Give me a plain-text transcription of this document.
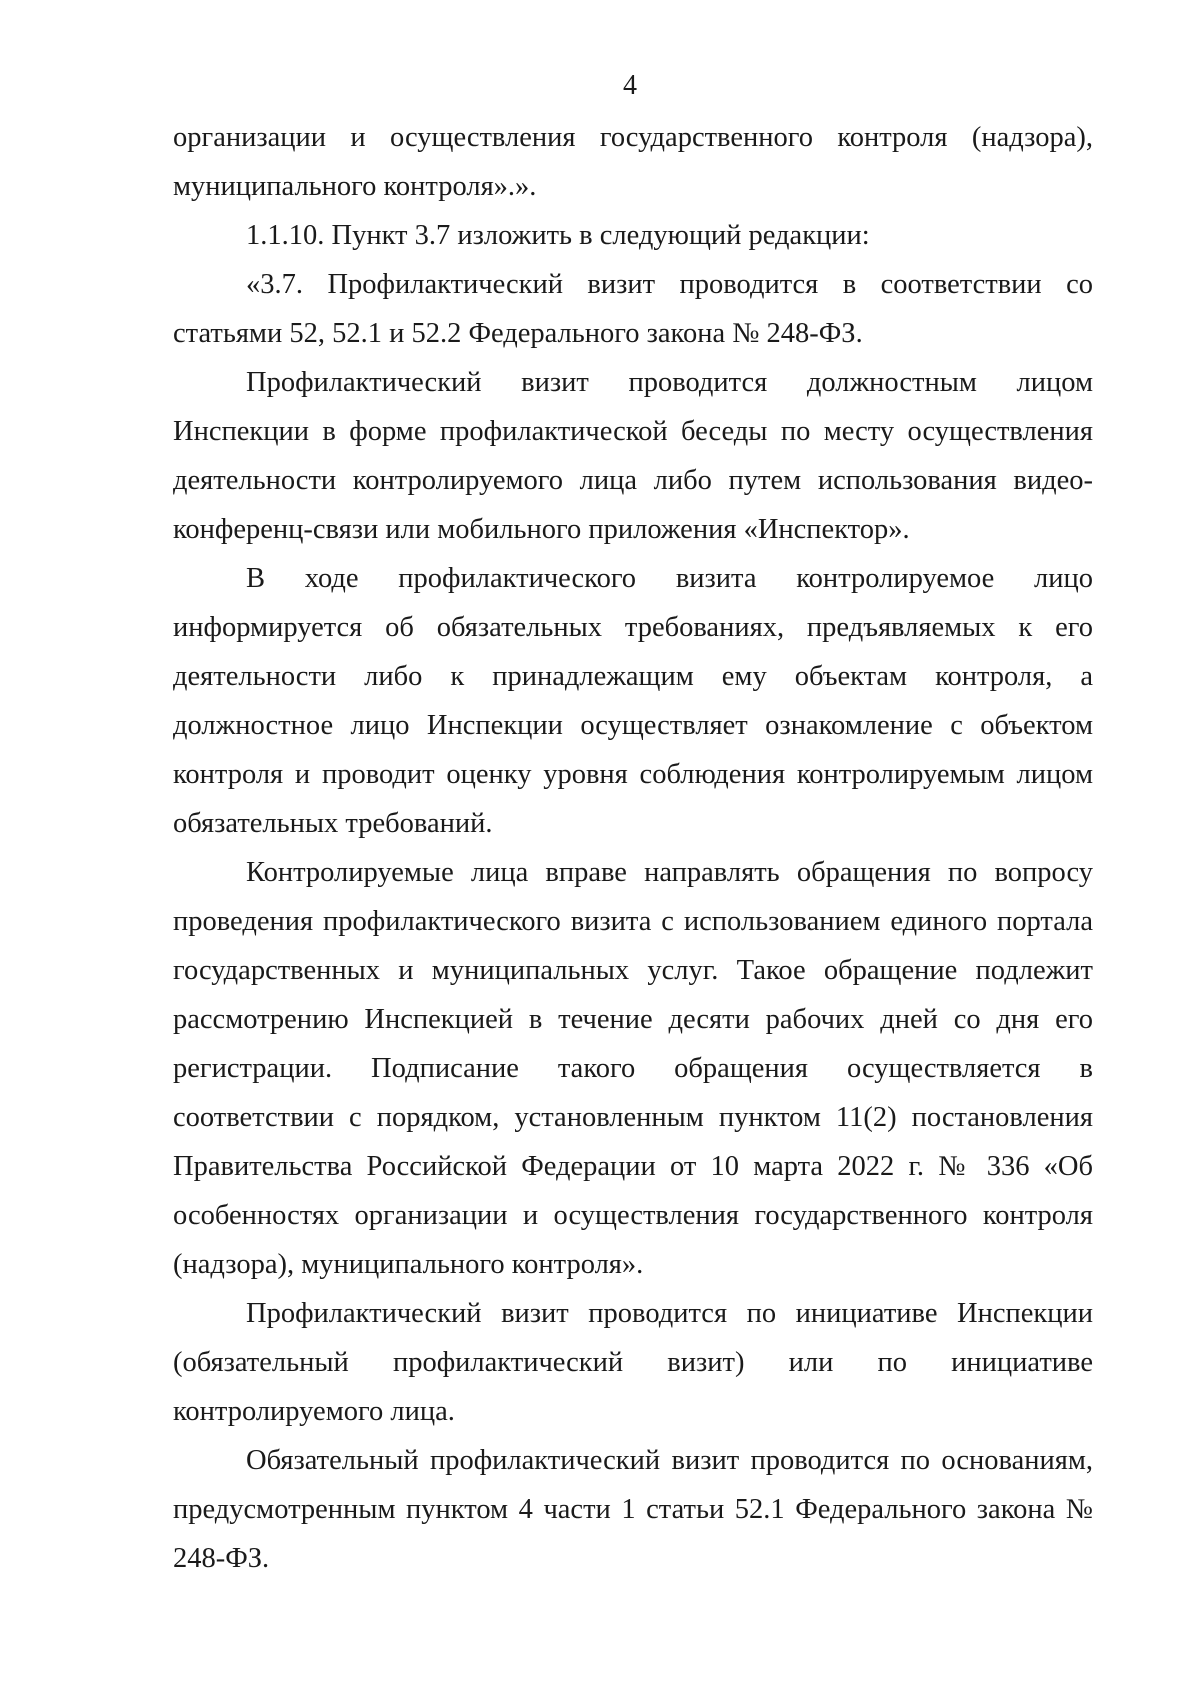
4

организации и осуществления государственного контроля (надзора), муниципального контроля».».

1.1.10. Пункт 3.7 изложить в следующий редакции:

«3.7. Профилактический визит проводится в соответствии со статьями 52, 52.1 и 52.2 Федерального закона № 248-ФЗ.

Профилактический визит проводится должностным лицом Инспекции в форме профилактической беседы по месту осуществления деятельности контролируемого лица либо путем использования видео-конференц-связи или мобильного приложения «Инспектор».

В ходе профилактического визита контролируемое лицо информируется об обязательных требованиях, предъявляемых к его деятельности либо к принадлежащим ему объектам контроля, а должностное лицо Инспекции осуществляет ознакомление с объектом контроля и проводит оценку уровня соблюдения контролируемым лицом обязательных требований.

Контролируемые лица вправе направлять обращения по вопросу проведения профилактического визита с использованием единого портала государственных и муниципальных услуг. Такое обращение подлежит рассмотрению Инспекцией в течение десяти рабочих дней со дня его регистрации. Подписание такого обращения осуществляется в соответствии с порядком, установленным пунктом 11(2) постановления Правительства Российской Федерации от 10 марта 2022 г. № 336 «Об особенностях организации и осуществления государственного контроля (надзора), муниципального контроля».

Профилактический визит проводится по инициативе Инспекции (обязательный профилактический визит) или по инициативе контролируемого лица.

Обязательный профилактический визит проводится по основаниям, предусмотренным пунктом 4 части 1 статьи 52.1 Федерального закона № 248-ФЗ.
